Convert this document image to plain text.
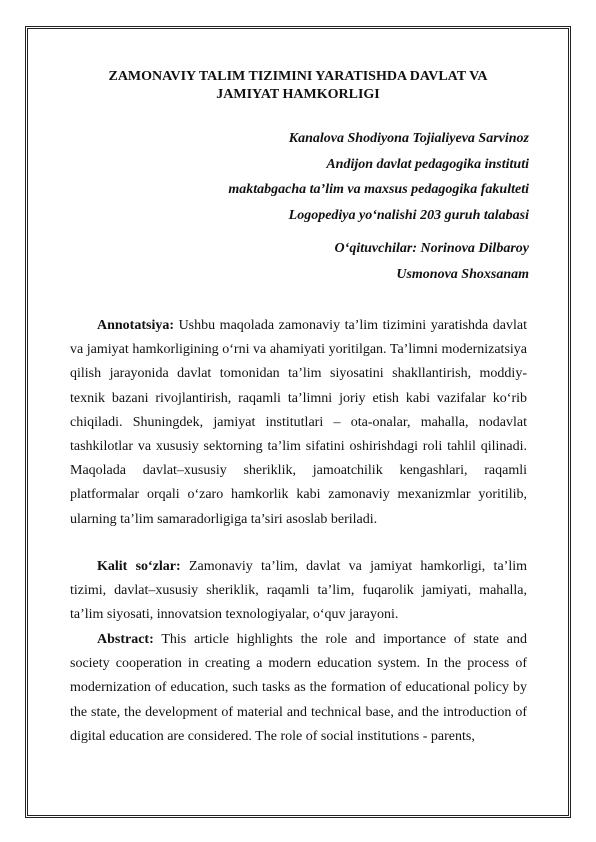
ZAMONAVIY TALIM TIZIMINI YARATISHDA DAVLAT VA
JAMIYAT HAMKORLIGI
Kanalova Shodiyona Tojialiyeva Sarvinoz
Andijon davlat pedagogika instituti
maktabgacha ta’lim va maxsus pedagogika fakulteti
Logopediya yo‘nalishi 203 guruh talabasi
O‘qituvchilar: Norinova Dilbaroy
Usmonova Shoxsanam

Annotatsiya: Ushbu maqolada zamonaviy ta’lim tizimini yaratishda davlat va jamiyat hamkorligining o‘rni va ahamiyati yoritilgan. Ta’limni modernizatsiya qilish jarayonida davlat tomonidan ta’lim siyosatini shakllantirish, moddiy-texnik bazani rivojlantirish, raqamli ta’limni joriy etish kabi vazifalar ko‘rib chiqiladi. Shuningdek, jamiyat institutlari – ota-onalar, mahalla, nodavlat tashkilotlar va xususiy sektorning ta’lim sifatini oshirishdagi roli tahlil qilinadi. Maqolada davlat–xususiy sheriklik, jamoatchilik kengashlari, raqamli platformalar orqali o‘zaro hamkorlik kabi zamonaviy mexanizmlar yoritilib, ularning ta’lim samaradorligiga ta’siri asoslab beriladi.

Kalit so‘zlar: Zamonaviy ta’lim, davlat va jamiyat hamkorligi, ta’lim tizimi, davlat–xususiy sheriklik, raqamli ta’lim, fuqarolik jamiyati, mahalla, ta’lim siyosati, innovatsion texnologiyalar, o‘quv jarayoni.

Abstract: This article highlights the role and importance of state and society cooperation in creating a modern education system. In the process of modernization of education, such tasks as the formation of educational policy by the state, the development of material and technical base, and the introduction of digital education are considered. The role of social institutions - parents,
